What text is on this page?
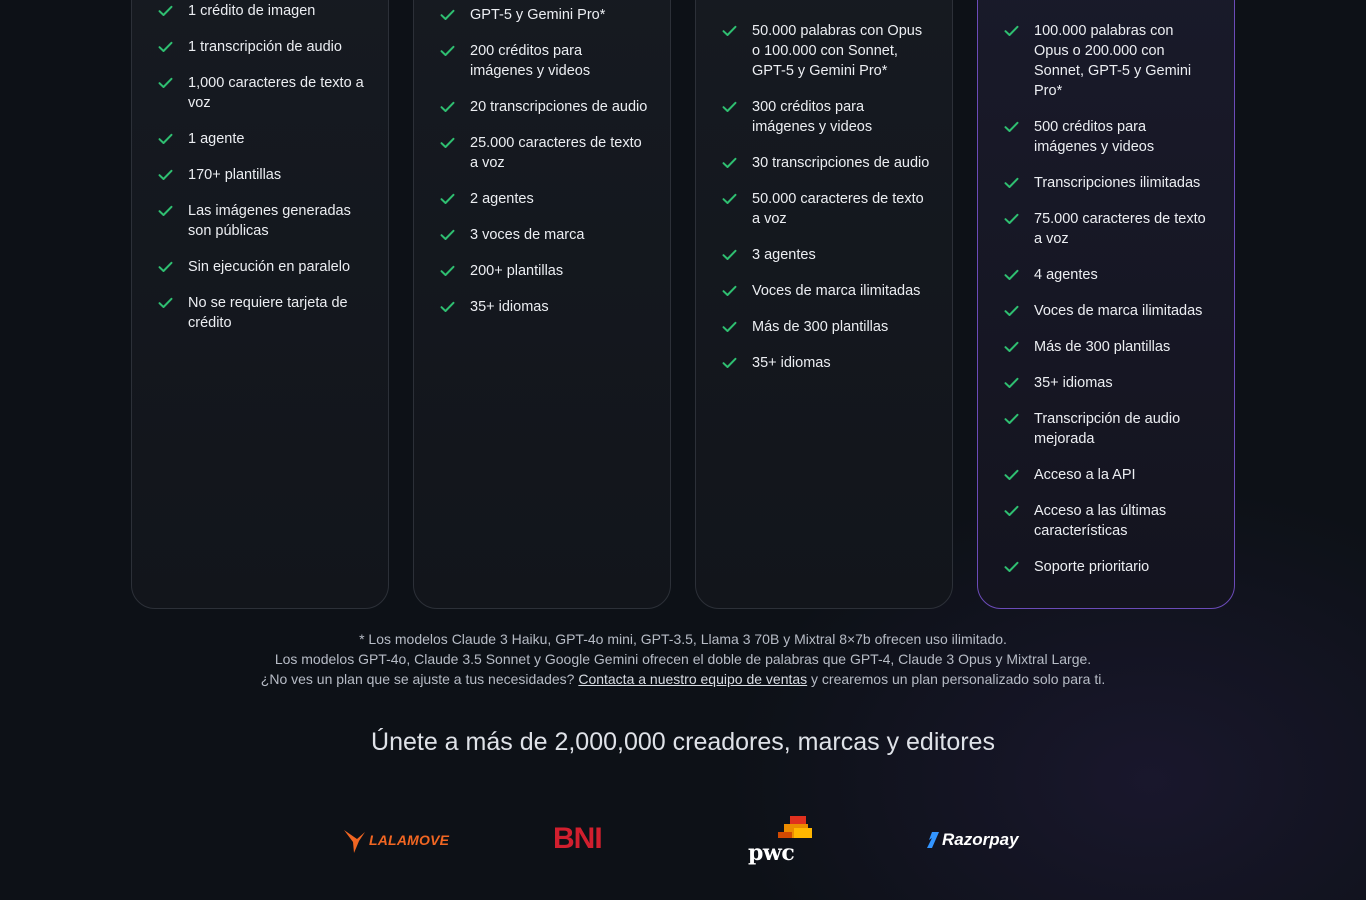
1 crédito de imagen
1 transcripción de audio
1,000 caracteres de texto a voz
1 agente
170+ plantillas
Las imágenes generadas son públicas
Sin ejecución en paralelo
No se requiere tarjeta de crédito
GPT-5 y Gemini Pro*
200 créditos para imágenes y videos
20 transcripciones de audio
25.000 caracteres de texto a voz
2 agentes
3 voces de marca
200+ plantillas
35+ idiomas
50.000 palabras con Opus o 100.000 con Sonnet, GPT-5 y Gemini Pro*
300 créditos para imágenes y videos
30 transcripciones de audio
50.000 caracteres de texto a voz
3 agentes
Voces de marca ilimitadas
Más de 300 plantillas
35+ idiomas
100.000 palabras con Opus o 200.000 con Sonnet, GPT-5 y Gemini Pro*
500 créditos para imágenes y videos
Transcripciones ilimitadas
75.000 caracteres de texto a voz
4 agentes
Voces de marca ilimitadas
Más de 300 plantillas
35+ idiomas
Transcripción de audio mejorada
Acceso a la API
Acceso a las últimas características
Soporte prioritario
* Los modelos Claude 3 Haiku, GPT-4o mini, GPT-3.5, Llama 3 70B y Mixtral 8×7b ofrecen uso ilimitado.
Los modelos GPT-4o, Claude 3.5 Sonnet y Google Gemini ofrecen el doble de palabras que GPT-4, Claude 3 Opus y Mixtral Large.
¿No ves un plan que se ajuste a tus necesidades? Contacta a nuestro equipo de ventas y crearemos un plan personalizado solo para ti.
Únete a más de 2,000,000 creadores, marcas y editores
LALAMOVE	BNI	pwc
Razorpay
